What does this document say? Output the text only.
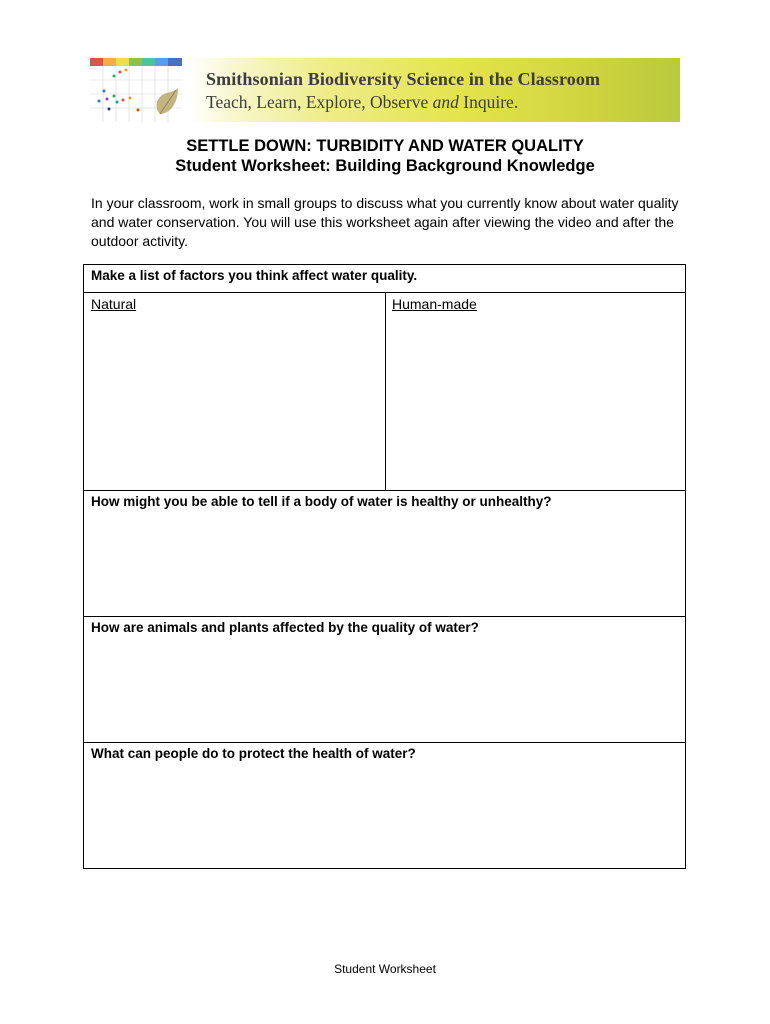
Smithsonian Biodiversity Science in the Classroom
Teach, Learn, Explore, Observe and Inquire.
SETTLE DOWN: TURBIDITY AND WATER QUALITY
Student Worksheet: Building Background Knowledge
In your classroom, work in small groups to discuss what you currently know about water quality and water conservation. You will use this worksheet again after viewing the video and after the outdoor activity.
Make a list of factors you think affect water quality.
Natural	Human-made
How might you be able to tell if a body of water is healthy or unhealthy?
How are animals and plants affected by the quality of water?
What can people do to protect the health of water?
Student Worksheet
